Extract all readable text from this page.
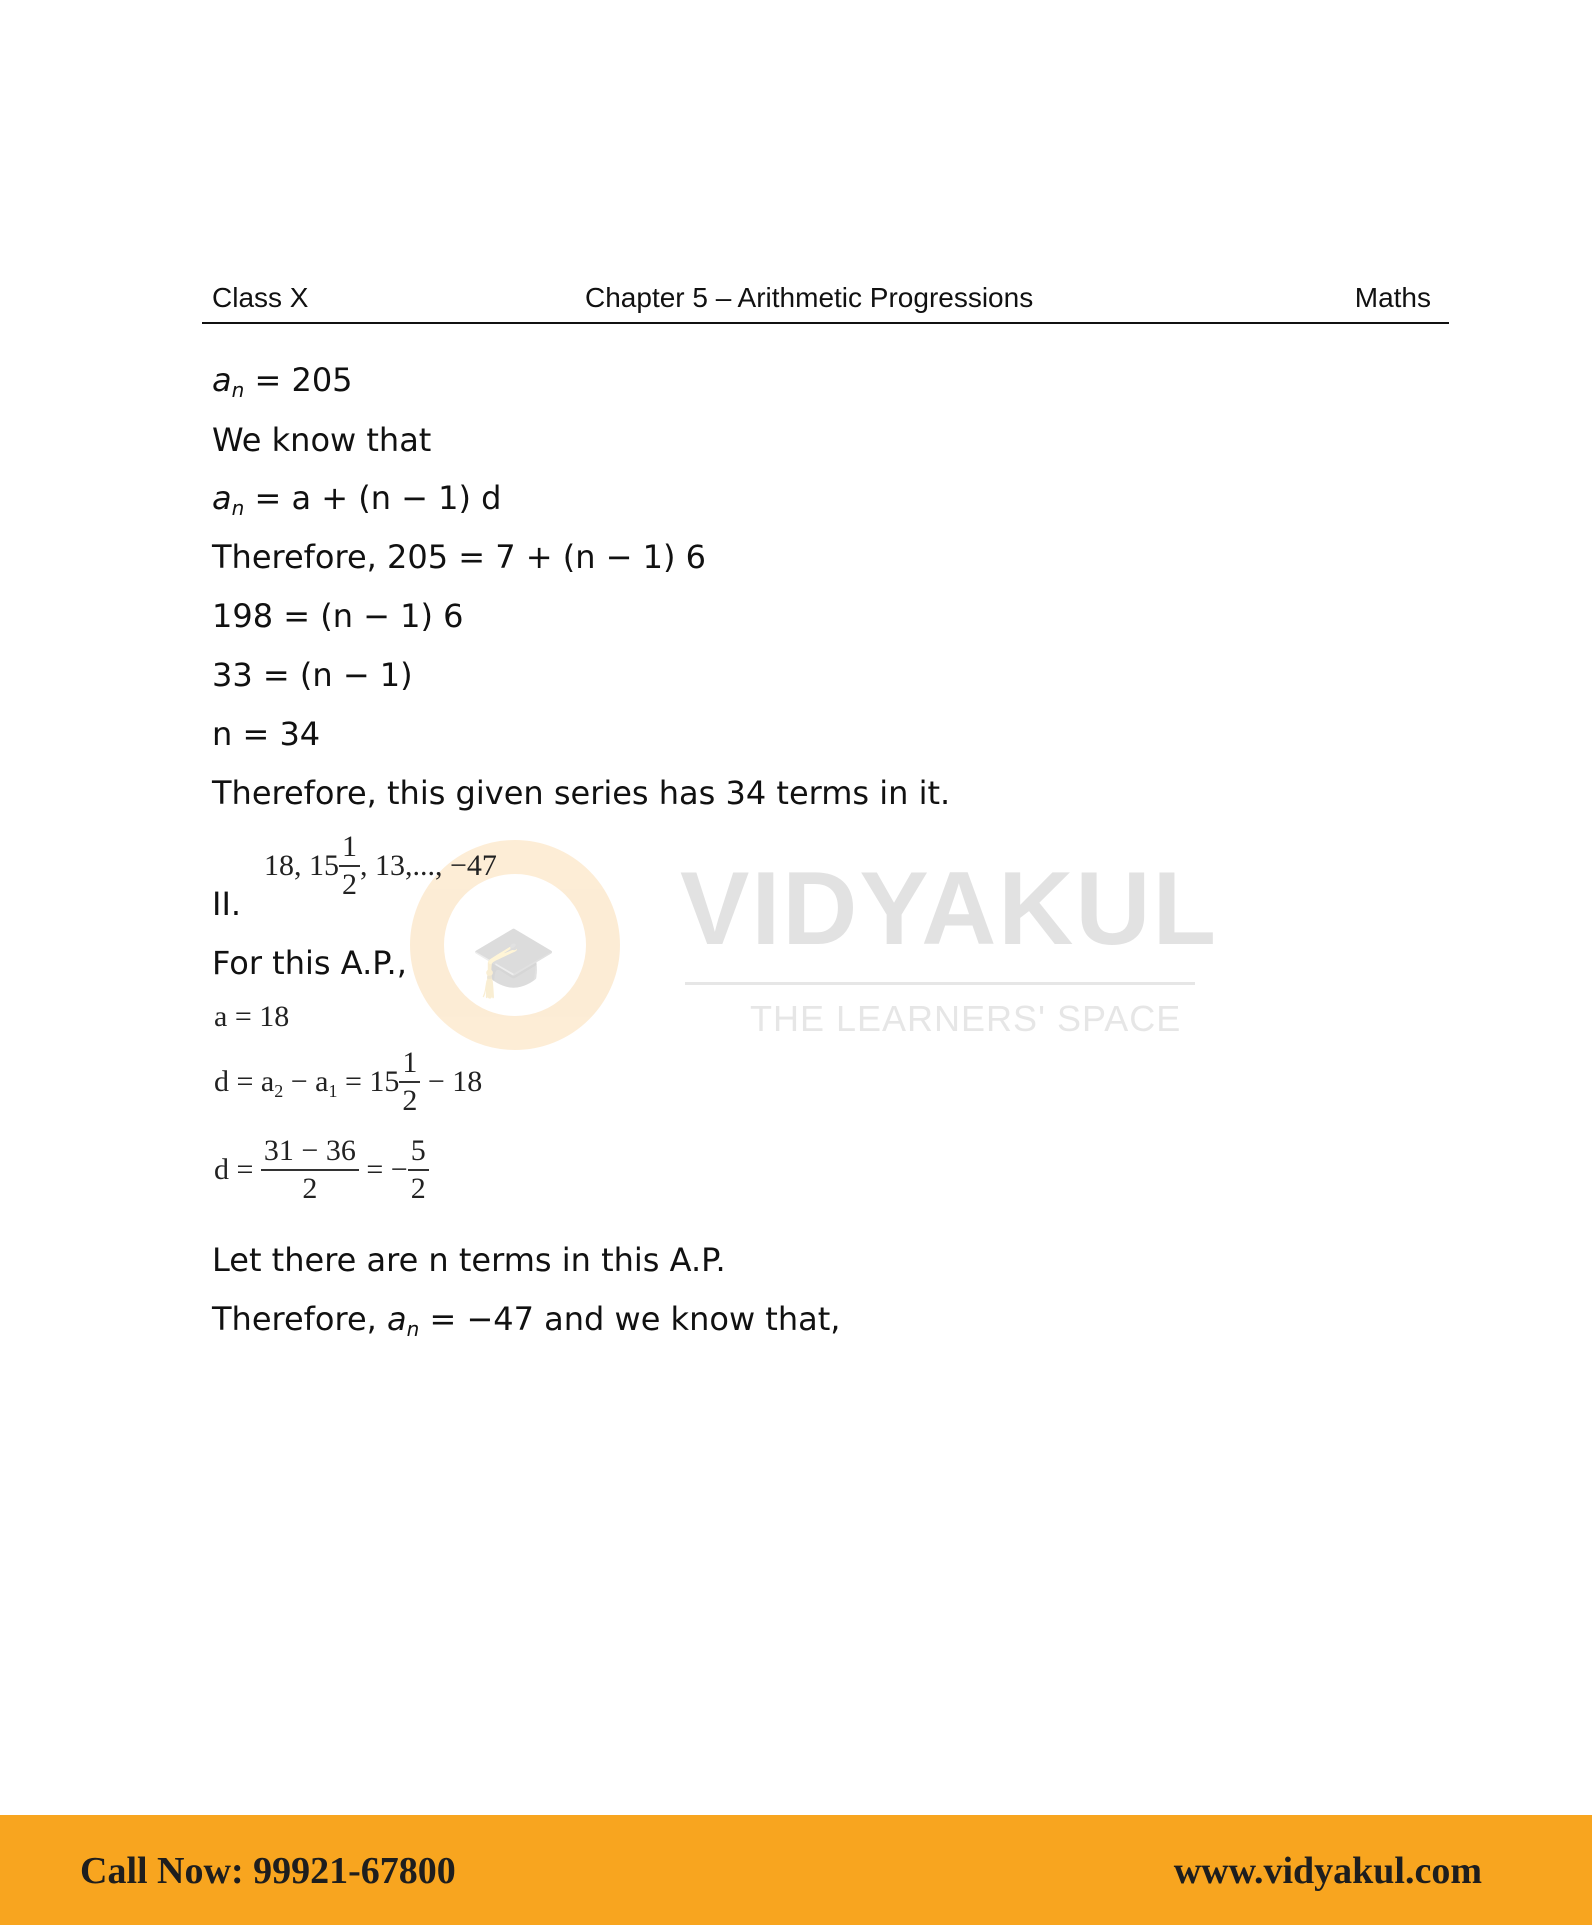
Class X	Chapter 5 – Arithmetic Progressions	Maths
🎓 VIDYAKUL
THE LEARNERS' SPACE
$a_n = 205$
We know that
$a_n = a + (n - 1)$ d
Therefore, 205 = 7 + (n − 1) 6
198 = (n − 1) 6
33 = (n − 1)
n = 34
Therefore, this given series has 34 terms in it.
II.
18, $15 \frac{1}{2}$ , 13,..., −47
For this A.P.,
a = 18
$d = a_2 - a_1 = 15 \frac{1}{2} - 18$
$d = \frac{31 - 36}{2}$ = − $\frac{5}{2}$
Let there are n terms in this A.P.
Therefore, $a_n = -47$ and we know that,
Call Now: 99921-67800	www.vidyakul.com
